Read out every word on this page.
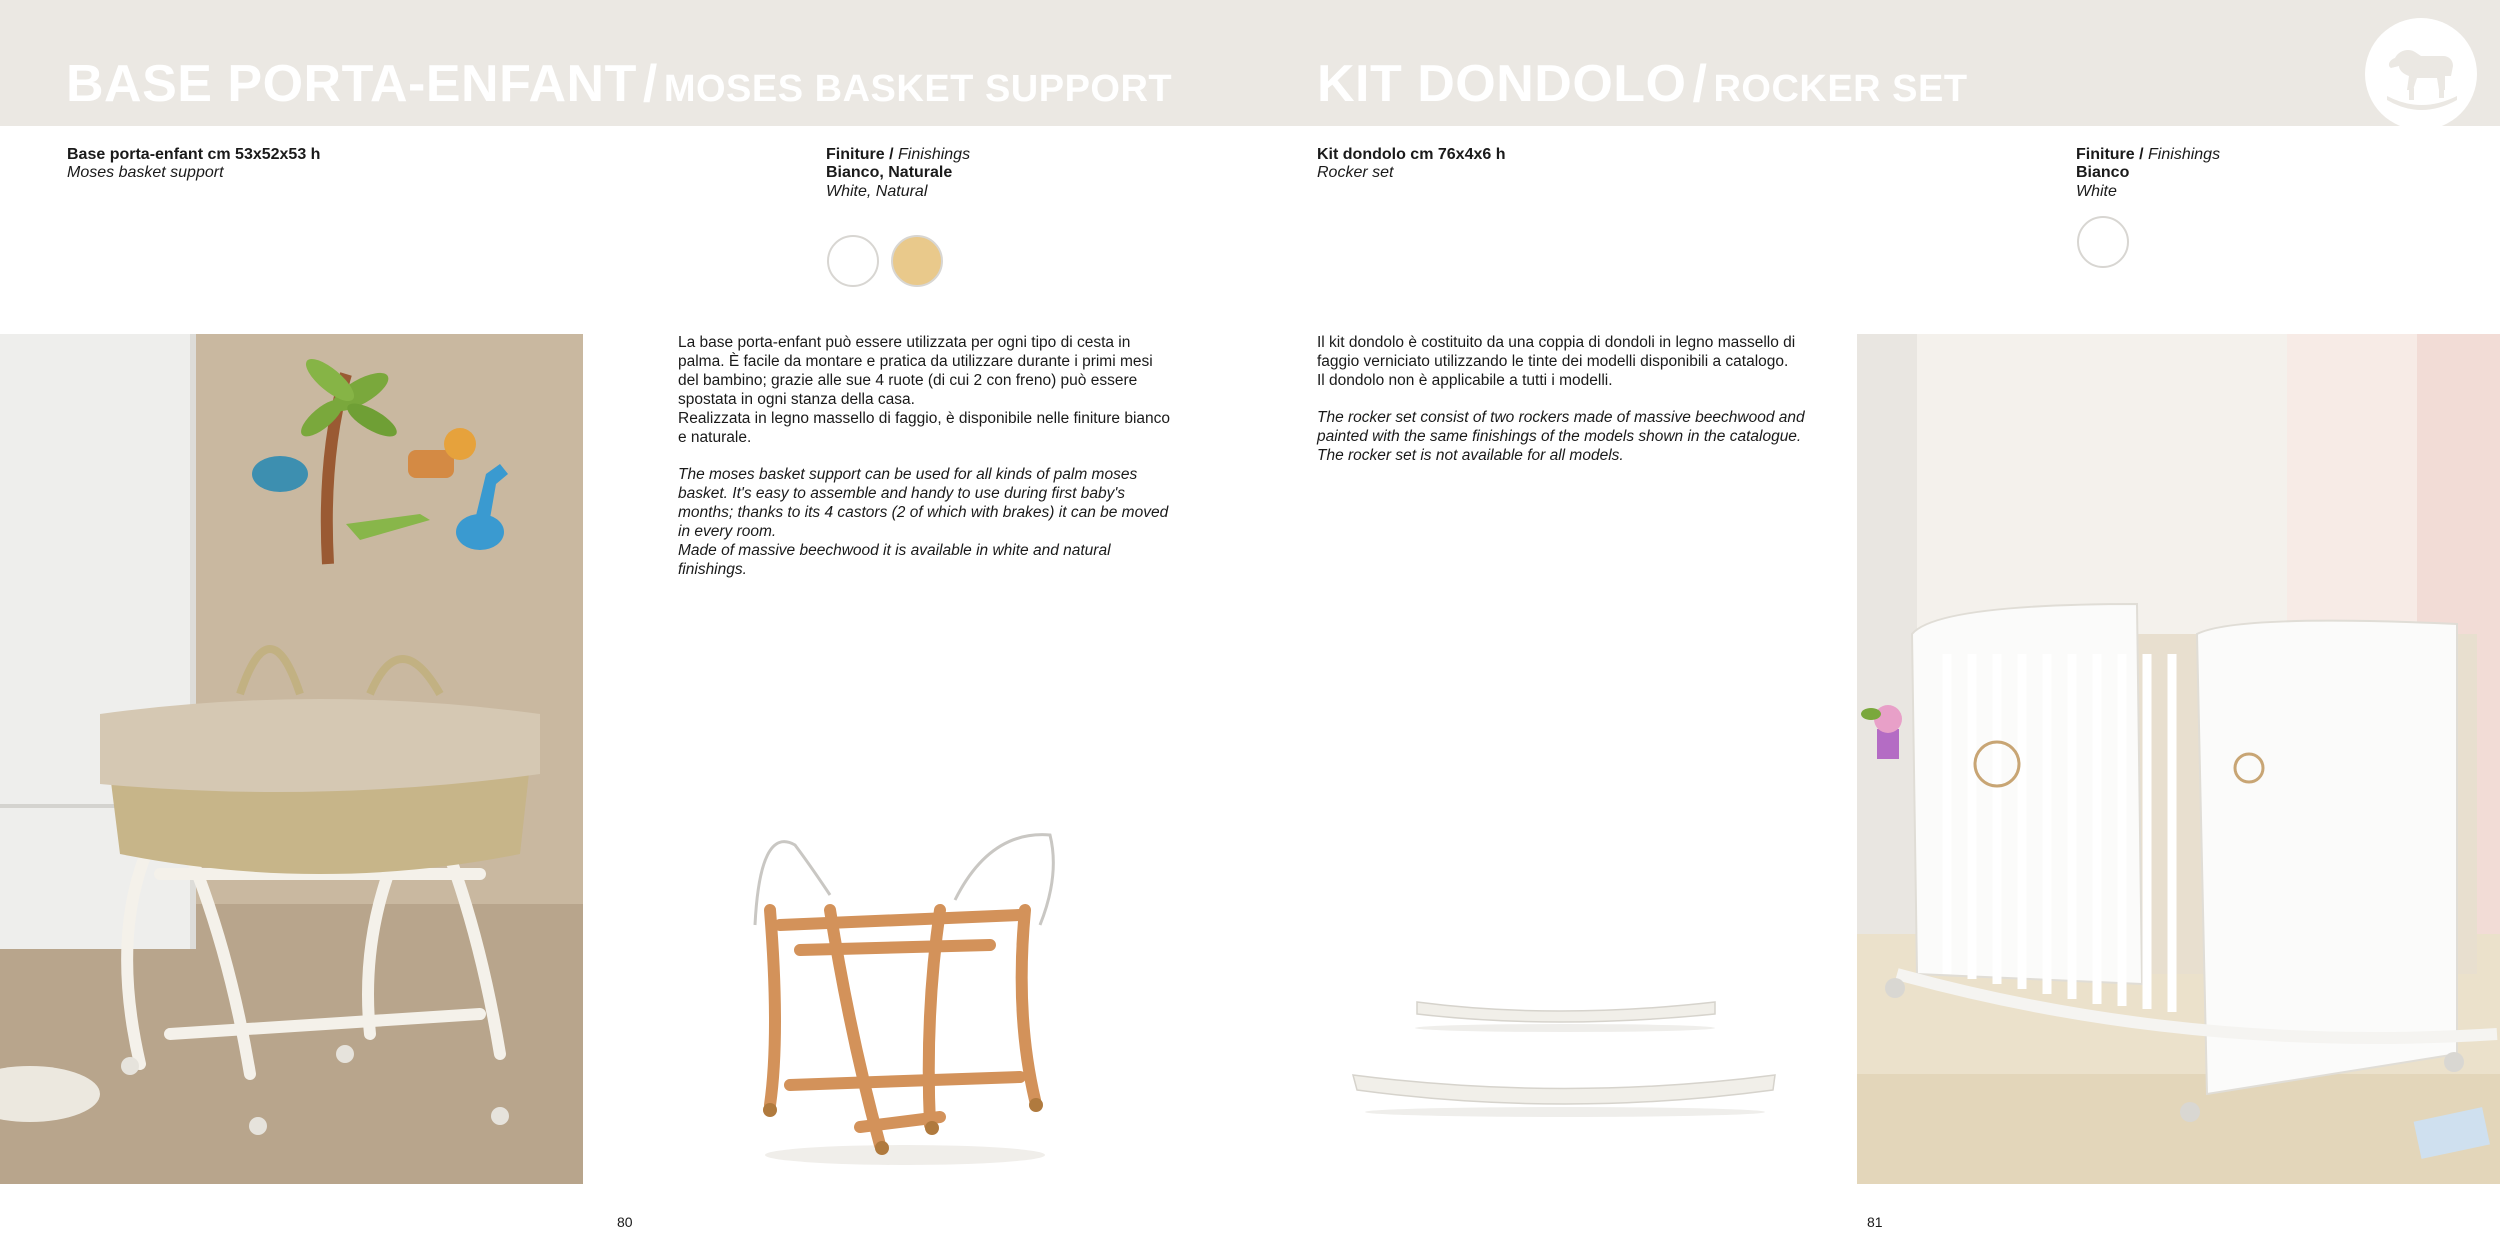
BASE PORTA-ENFANT / MOSES BASKET SUPPORT	KIT DONDOLO / ROCKER SET
Base porta-enfant cm 53x52x53 h
Moses basket support
Finiture / Finishings
Bianco, Naturale
White, Natural

La base porta-enfant può essere utilizzata per ogni tipo di cesta in

palma. È facile da montare e pratica da utilizzare durante i primi mesi

del bambino; grazie alle sue 4 ruote (di cui 2 con freno) può essere

spostata in ogni stanza della casa.

Realizzata in legno massello di faggio, è disponibile nelle finiture bianco

e naturale.

The moses basket support can be used for all kinds of palm moses

basket. It's easy to assemble and handy to use during first baby's

months; thanks to its 4 castors (2 of which with brakes) it can be moved

in every room.

Made of massive beechwood it is available in white and natural

finishings.

80
Kit dondolo cm 76x4x6 h
Rocker set
Finiture / Finishings
Bianco
White

Il kit dondolo è costituito da una coppia di dondoli in legno massello di

faggio verniciato utilizzando le tinte dei modelli disponibili a catalogo.

Il dondolo non è applicabile a tutti i modelli.

The rocker set consist of two rockers made of massive beechwood and

painted with the same finishings of the models shown in the catalogue.

The rocker set is not available for all models.

81
